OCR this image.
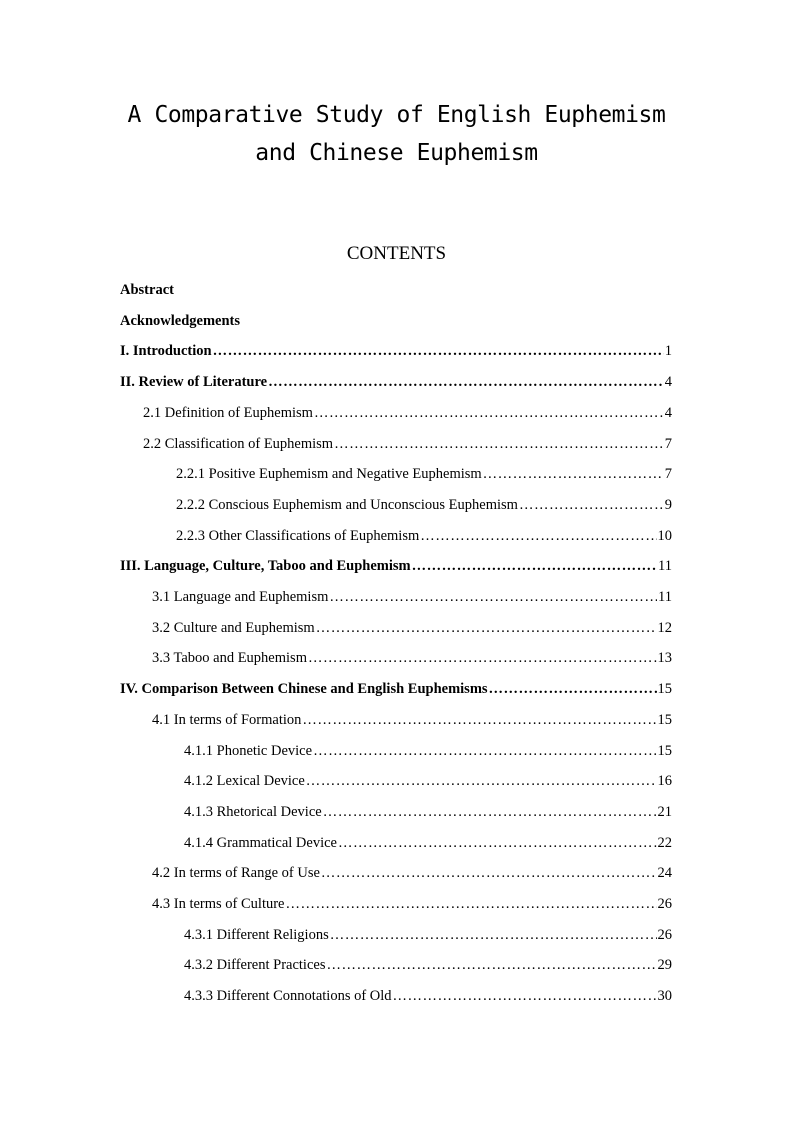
A Comparative Study of English Euphemism
and Chinese Euphemism
CONTENTS
Abstract
Acknowledgements
I. Introduction …………………………………………………………………………………………………………………………	1
II. Review of Literature …………………………………………………………………………………………………………………………	4
2.1 Definition of Euphemism …………………………………………………………………………………………………………………………	4
2.2 Classification of Euphemism …………………………………………………………………………………………………………………………	7
2.2.1 Positive Euphemism and Negative Euphemism …………………………………………………………………………………………………………………………	7
2.2.2 Conscious Euphemism and Unconscious Euphemism …………………………………………………………………………………………………………………………	9
2.2.3 Other Classifications of Euphemism …………………………………………………………………………………………………………………………	10
III. Language, Culture, Taboo and Euphemism …………………………………………………………………………………………………………………………	11
3.1 Language and Euphemism …………………………………………………………………………………………………………………………	11
3.2 Culture and Euphemism …………………………………………………………………………………………………………………………	12
3.3 Taboo and Euphemism …………………………………………………………………………………………………………………………	13
IV. Comparison Between Chinese and English Euphemisms …………………………………………………………………………………………………………………………	15
4.1 In terms of Formation …………………………………………………………………………………………………………………………	15
4.1.1 Phonetic Device …………………………………………………………………………………………………………………………	15
4.1.2 Lexical Device …………………………………………………………………………………………………………………………	16
4.1.3 Rhetorical Device …………………………………………………………………………………………………………………………	21
4.1.4 Grammatical Device …………………………………………………………………………………………………………………………	22
4.2 In terms of Range of Use …………………………………………………………………………………………………………………………	24
4.3 In terms of Culture …………………………………………………………………………………………………………………………	26
4.3.1 Different Religions …………………………………………………………………………………………………………………………	26
4.3.2 Different Practices …………………………………………………………………………………………………………………………	29
4.3.3 Different Connotations of Old …………………………………………………………………………………………………………………………	30
